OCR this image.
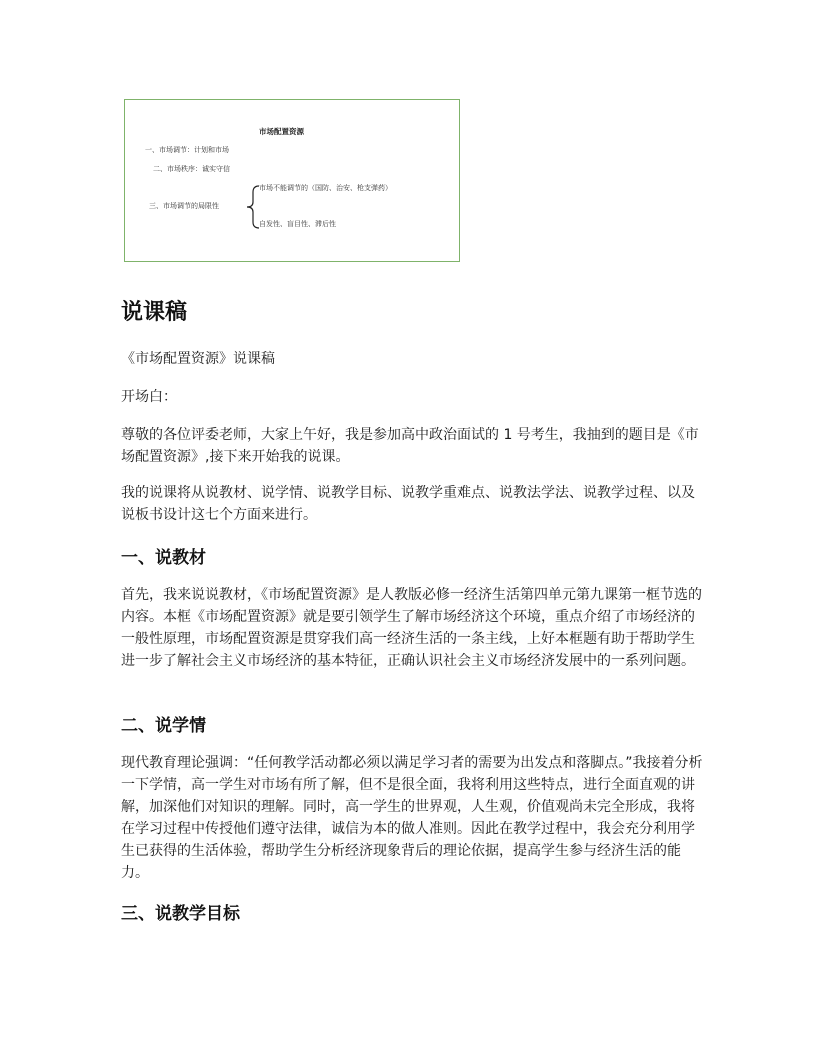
市场配置资源
一、市场调节：计划和市场
二、市场秩序：诚实守信
三、市场调节的局限性
市场不能调节的（国防、治安、枪支弹药）
自发性、盲目性、滞后性
说课稿

《市场配置资源》说课稿

开场白：

尊敬的各位评委老师，大家上午好，我是参加高中政治面试的 1 号考生，我抽到的题目是《市场配置资源》,接下来开始我的说课。

我的说课将从说教材、说学情、说教学目标、说教学重难点、说教法学法、说教学过程、以及说板书设计这七个方面来进行。

一、说教材

首先，我来说说教材，《市场配置资源》是人教版必修一经济生活第四单元第九课第一框节选的内容。本框《市场配置资源》就是要引领学生了解市场经济这个环境，重点介绍了市场经济的一般性原理，市场配置资源是贯穿我们高一经济生活的一条主线，上好本框题有助于帮助学生进一步了解社会主义市场经济的基本特征，正确认识社会主义市场经济发展中的一系列问题。

二、说学情

现代教育理论强调：“任何教学活动都必须以满足学习者的需要为出发点和落脚点。”我接着分析一下学情，高一学生对市场有所了解，但不是很全面，我将利用这些特点，进行全面直观的讲解，加深他们对知识的理解。同时，高一学生的世界观，人生观，价值观尚未完全形成，我将在学习过程中传授他们遵守法律，诚信为本的做人准则。因此在教学过程中，我会充分利用学生已获得的生活体验，帮助学生分析经济现象背后的理论依据，提高学生参与经济生活的能力。

三、说教学目标
